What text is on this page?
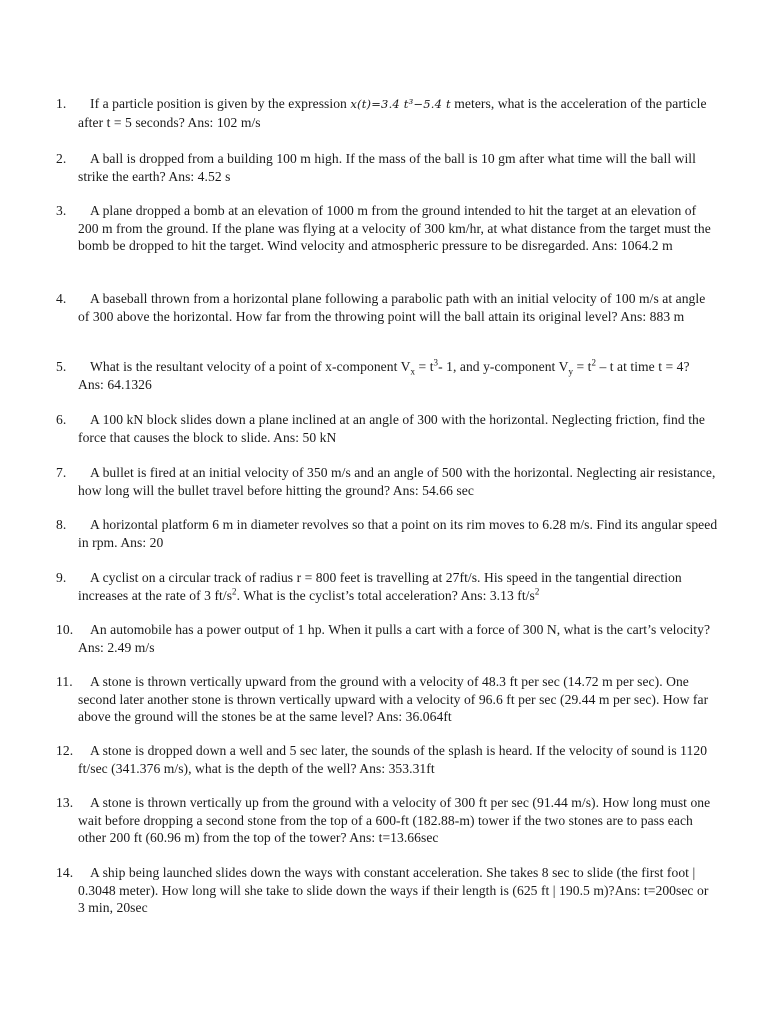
1.	If a particle position is given by the expression x(t)=3.4 t³−5.4 t meters, what is the acceleration of the particle after t = 5 seconds? Ans: 102 m/s
2.	A ball is dropped from a building 100 m high. If the mass of the ball is 10 gm after what time will the ball will strike the earth? Ans: 4.52 s
3.	A plane dropped a bomb at an elevation of 1000 m from the ground intended to hit the target at an elevation of 200 m from the ground. If the plane was flying at a velocity of 300 km/hr, at what distance from the target must the bomb be dropped to hit the target. Wind velocity and atmospheric pressure to be disregarded. Ans: 1064.2 m
4.	A baseball thrown from a horizontal plane following a parabolic path with an initial velocity of 100 m/s at angle of 300 above the horizontal. How far from the throwing point will the ball attain its original level? Ans: 883 m
5.	What is the resultant velocity of a point of x-component $V_x = t^3-$ 1, and y-component $V_y = t^2 - t$ at time t = 4? Ans: 64.1326
6.	A 100 kN block slides down a plane inclined at an angle of 300 with the horizontal. Neglecting friction, find the force that causes the block to slide. Ans: 50 kN
7.	A bullet is fired at an initial velocity of 350 m/s and an angle of 500 with the horizontal. Neglecting air resistance, how long will the bullet travel before hitting the ground? Ans: 54.66 sec
8.	A horizontal platform 6 m in diameter revolves so that a point on its rim moves to 6.28 m/s. Find its angular speed in rpm. Ans: 20
9.	A cyclist on a circular track of radius r = 800 feet is travelling at 27ft/s. His speed in the tangential direction increases at the rate of 3 $ft/s^2$. What is the cyclist’s total acceleration? Ans: 3.13 $ft/s^2$
10. An automobile has a power output of 1 hp. When it pulls a cart with a force of 300 N, what is the cart’s velocity? Ans: 2.49 m/s
11. A stone is thrown vertically upward from the ground with a velocity of 48.3 ft per sec (14.72 m per sec). One second later another stone is thrown vertically upward with a velocity of 96.6 ft per sec (29.44 m per sec). How far above the ground will the stones be at the same level? Ans: 36.064ft
12. A stone is dropped down a well and 5 sec later, the sounds of the splash is heard. If the velocity of sound is 1120 ft/sec (341.376 m/s), what is the depth of the well? Ans: 353.31ft
13. A stone is thrown vertically up from the ground with a velocity of 300 ft per sec (91.44 m/s). How long must one wait before dropping a second stone from the top of a 600-ft (182.88-m) tower if the two stones are to pass each other 200 ft (60.96 m) from the top of the tower? Ans: t=13.66sec
14. A ship being launched slides down the ways with constant acceleration. She takes 8 sec to slide (the first foot | 0.3048 meter). How long will she take to slide down the ways if their length is (625 ft | 190.5 m)?Ans: t=200sec or 3 min, 20sec
